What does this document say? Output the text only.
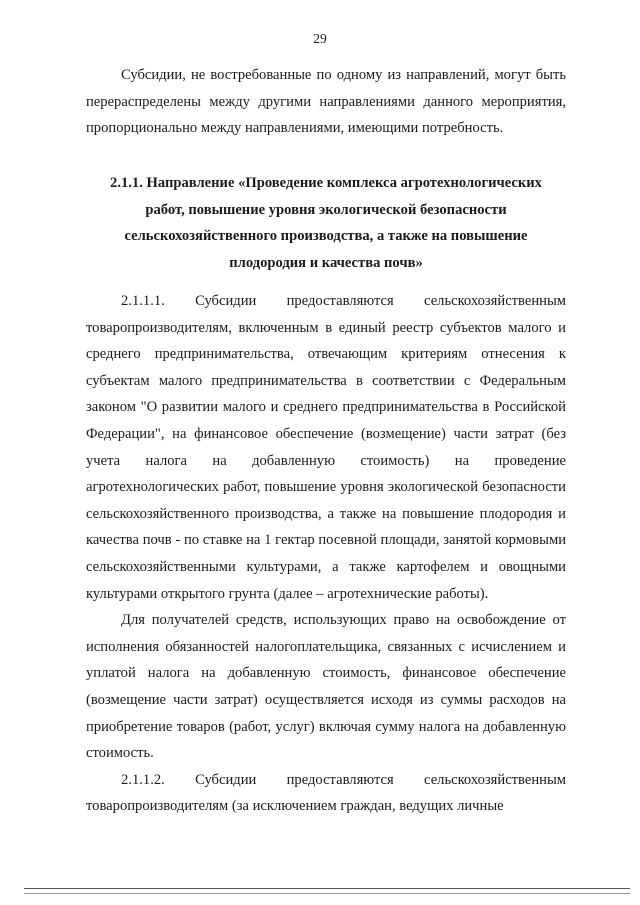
29

Субсидии, не востребованные по одному из направлений, могут быть перераспределены между другими направлениями данного мероприятия, пропорционально между направлениями, имеющими потребность.

2.1.1. Направление «Проведение комплекса агротехнологических
работ, повышение уровня экологической безопасности
сельскохозяйственного производства, а также на повышение
плодородия и качества почв»

2.1.1.1. Субсидии предоставляются сельскохозяйственным товаропроизводителям, включенным в единый реестр субъектов малого и среднего предпринимательства, отвечающим критериям отнесения к субъектам малого предпринимательства в соответствии с Федеральным законом "О развитии малого и среднего предпринимательства в Российской Федерации", на финансовое обеспечение (возмещение) части затрат (без учета налога на добавленную стоимость) на проведение агротехнологических работ, повышение уровня экологической безопасности сельскохозяйственного производства, а также на повышение плодородия и качества почв - по ставке на 1 гектар посевной площади, занятой кормовыми сельскохозяйственными культурами, а также картофелем и овощными культурами открытого грунта (далее – агротехнические работы).

Для получателей средств, использующих право на освобождение от исполнения обязанностей налогоплательщика, связанных с исчислением и уплатой налога на добавленную стоимость, финансовое обеспечение (возмещение части затрат) осуществляется исходя из суммы расходов на приобретение товаров (работ, услуг) включая сумму налога на добавленную стоимость.

2.1.1.2. Субсидии предоставляются сельскохозяйственным товаропроизводителям (за исключением граждан, ведущих личные
